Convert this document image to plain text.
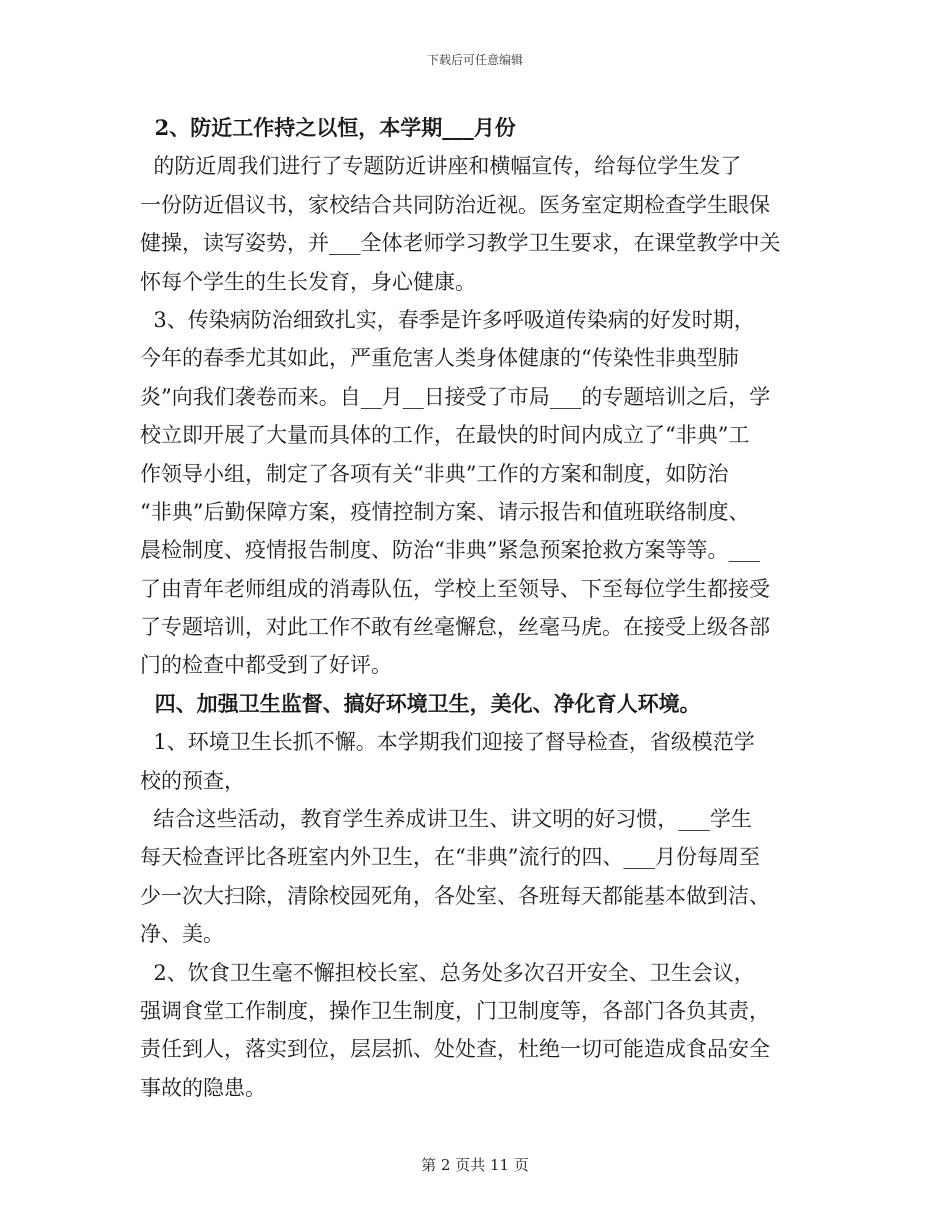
下载后可任意编辑
2、防近工作持之以恒，本学期___月份
的防近周我们进行了专题防近讲座和横幅宣传，给每位学生发了
一份防近倡议书，家校结合共同防治近视。医务室定期检查学生眼保
健操，读写姿势，并___全体老师学习教学卫生要求，在课堂教学中关
怀每个学生的生长发育，身心健康。
3、传染病防治细致扎实，春季是许多呼吸道传染病的好发时期，
今年的春季尤其如此，严重危害人类身体健康的“传染性非典型肺
炎”向我们袭卷而来。自__月__日接受了市局___的专题培训之后，学
校立即开展了大量而具体的工作，在最快的时间内成立了“非典”工
作领导小组，制定了各项有关“非典”工作的方案和制度，如防治
“非典”后勤保障方案，疫情控制方案、请示报告和值班联络制度、
晨检制度、疫情报告制度、防治“非典”紧急预案抢救方案等等。___
了由青年老师组成的消毒队伍，学校上至领导、下至每位学生都接受
了专题培训，对此工作不敢有丝毫懈怠，丝毫马虎。在接受上级各部
门的检查中都受到了好评。
四、加强卫生监督、搞好环境卫生，美化、净化育人环境。
1、环境卫生长抓不懈。本学期我们迎接了督导检查，省级模范学
校的预查，
结合这些活动，教育学生养成讲卫生、讲文明的好习惯，___学生
每天检查评比各班室内外卫生，在“非典”流行的四、___月份每周至
少一次大扫除，清除校园死角，各处室、各班每天都能基本做到洁、
净、美。
2、饮食卫生毫不懈担校长室、总务处多次召开安全、卫生会议，
强调食堂工作制度，操作卫生制度，门卫制度等，各部门各负其责，
责任到人，落实到位，层层抓、处处查，杜绝一切可能造成食品安全
事故的隐患。
第 2 页共 11 页
